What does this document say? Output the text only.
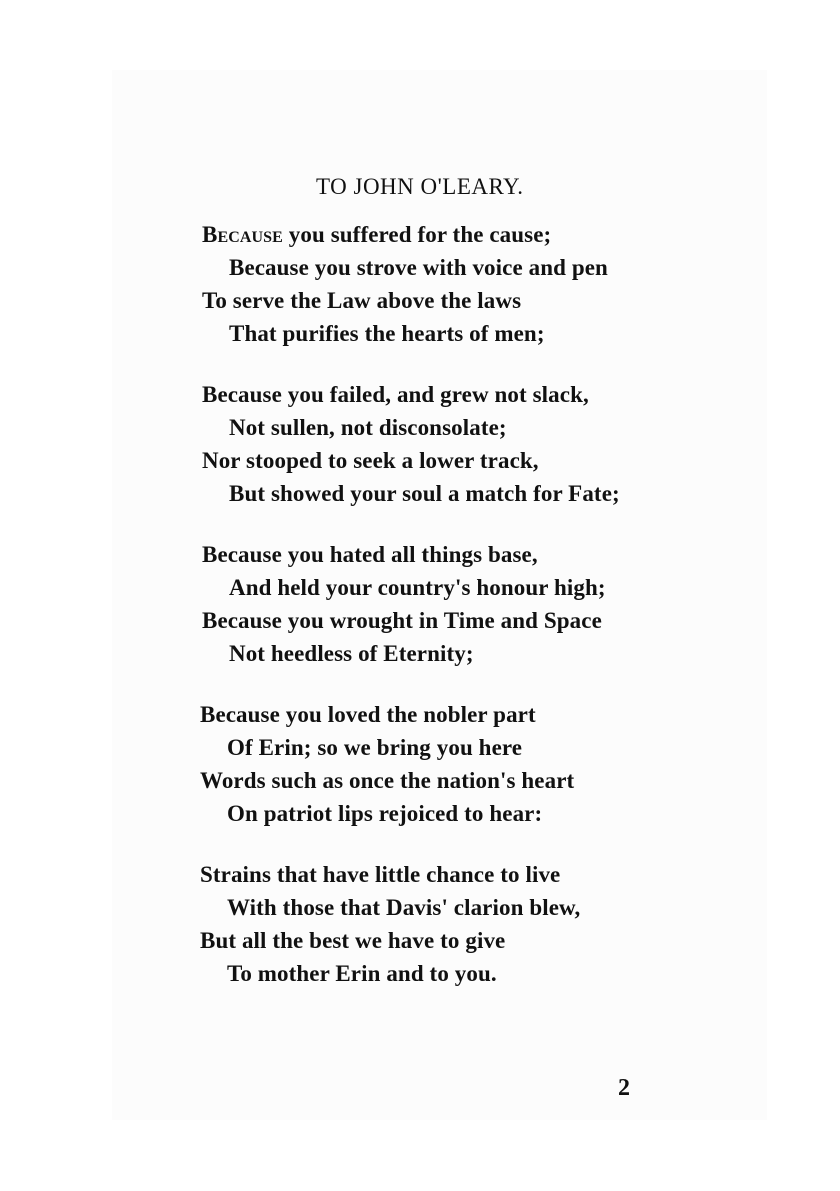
TO JOHN O'LEARY.
Because you suffered for the cause;
Because you strove with voice and pen
To serve the Law above the laws
That purifies the hearts of men;
Because you failed, and grew not slack,
Not sullen, not disconsolate;
Nor stooped to seek a lower track,
But showed your soul a match for Fate;
Because you hated all things base,
And held your country's honour high;
Because you wrought in Time and Space
Not heedless of Eternity;
Because you loved the nobler part
Of Erin; so we bring you here
Words such as once the nation's heart
On patriot lips rejoiced to hear:
Strains that have little chance to live
With those that Davis' clarion blew,
But all the best we have to give
To mother Erin and to you.
2
